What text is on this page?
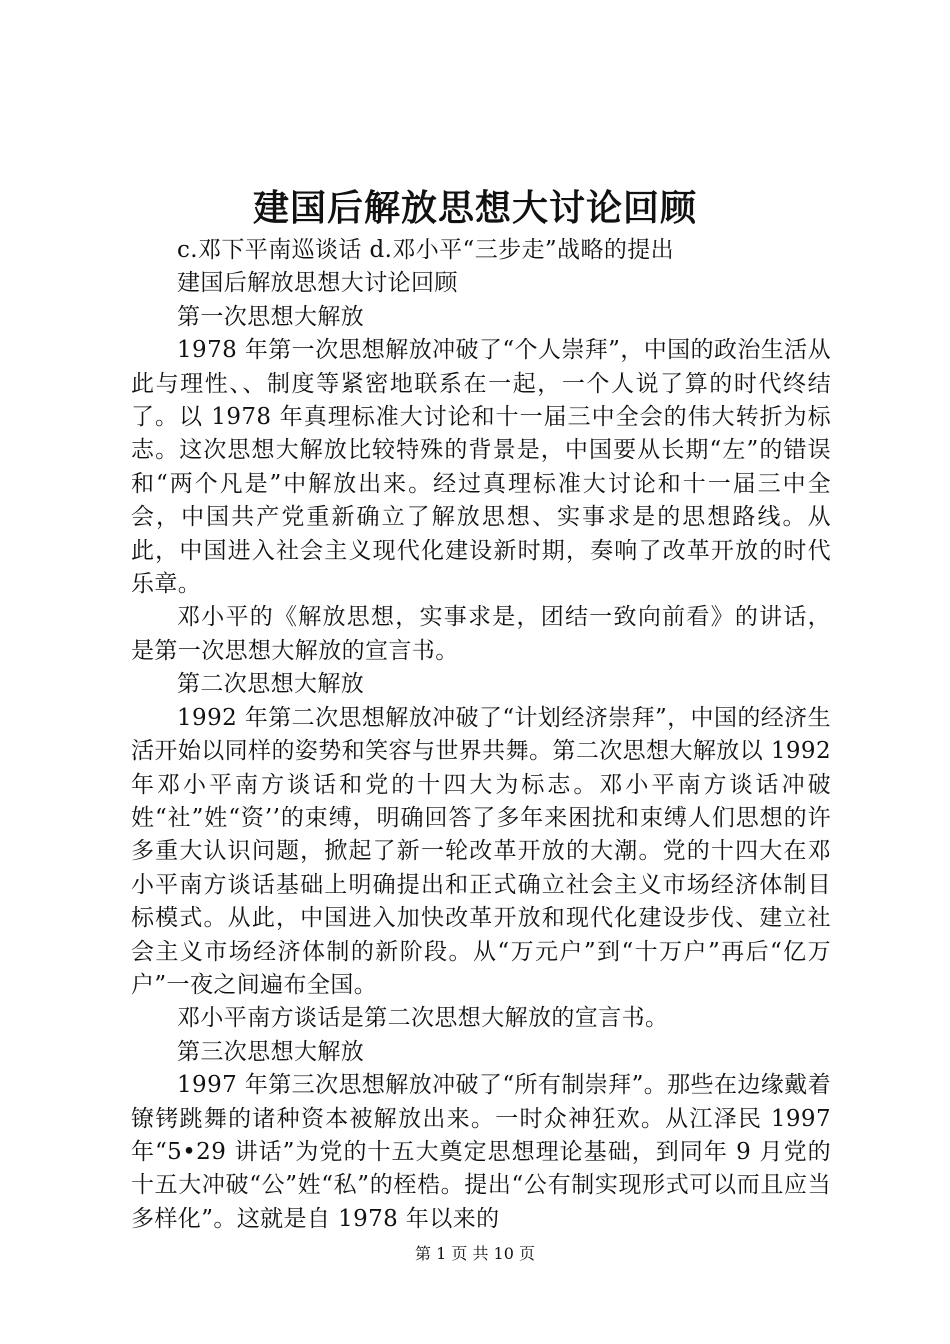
建国后解放思想大讨论回顾

c.邓下平南巡谈话 d.邓小平“三步走”战略的提出

建国后解放思想大讨论回顾

第一次思想大解放

1978 年第一次思想解放冲破了“个人崇拜”，中国的政治生活从此与理性、、制度等紧密地联系在一起，一个人说了算的时代终结了。以 1978 年真理标准大讨论和十一届三中全会的伟大转折为标志。这次思想大解放比较特殊的背景是，中国要从长期“左”的错误和“两个凡是”中解放出来。经过真理标准大讨论和十一届三中全会，中国共产党重新确立了解放思想、实事求是的思想路线。从此，中国进入社会主义现代化建设新时期，奏响了改革开放的时代乐章。

邓小平的《解放思想，实事求是，团结一致向前看》的讲话，是第一次思想大解放的宣言书。

第二次思想大解放

1992 年第二次思想解放冲破了“计划经济崇拜”，中国的经济生活开始以同样的姿势和笑容与世界共舞。第二次思想大解放以 1992 年邓小平南方谈话和党的十四大为标志。邓小平南方谈话冲破姓“社”姓“资’’的束缚，明确回答了多年来困扰和束缚人们思想的许多重大认识问题，掀起了新一轮改革开放的大潮。党的十四大在邓小平南方谈话基础上明确提出和正式确立社会主义市场经济体制目标模式。从此，中国进入加快改革开放和现代化建设步伐、建立社会主义市场经济体制的新阶段。从“万元户”到“十万户”再后“亿万户”一夜之间遍布全国。

邓小平南方谈话是第二次思想大解放的宣言书。

第三次思想大解放

1997 年第三次思想解放冲破了“所有制崇拜”。那些在边缘戴着镣铐跳舞的诸种资本被解放出来。一时众神狂欢。从江泽民 1997 年“5•29 讲话”为党的十五大奠定思想理论基础，到同年 9 月党的十五大冲破“公”姓“私”的桎梏。提出“公有制实现形式可以而且应当多样化”。这就是自 1978 年以来的

第 1 页 共 10 页
